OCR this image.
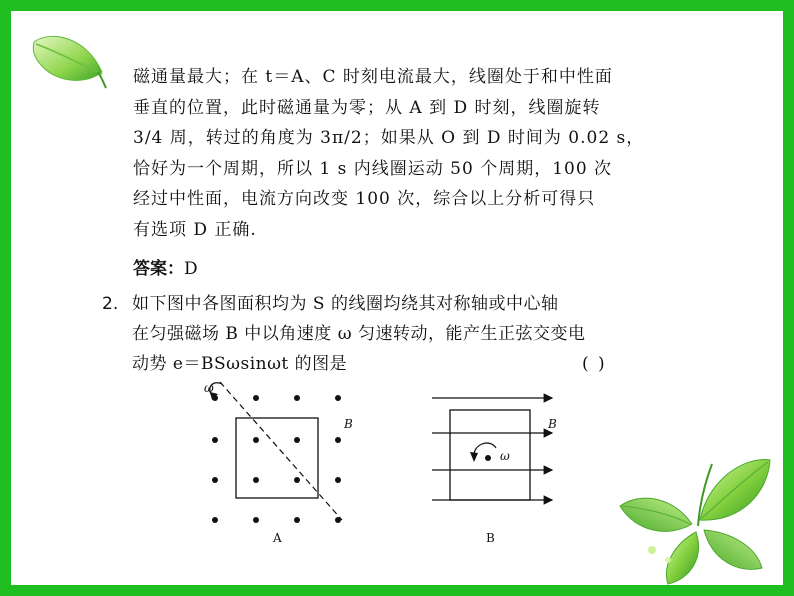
磁通量最大；在 t＝A、C 时刻电流最大，线圈处于和中性面
垂直的位置，此时磁通量为零；从 A 到 D 时刻，线圈旋转
3/4 周，转过的角度为 3π/2；如果从 O 到 D 时间为 0.02 s，
恰好为一个周期，所以 1 s 内线圈运动 50 个周期，100 次
经过中性面，电流方向改变 100 次，综合以上分析可得只
有选项 D 正确.
答案：D
2. 如下图中各图面积均为 S 的线圈均绕其对称轴或中心轴
在匀强磁场 B 中以角速度 ω 匀速转动，能产生正弦交变电
动势 e＝BSωsinωt 的图是	( )
ω
B
A
ω
B
B
